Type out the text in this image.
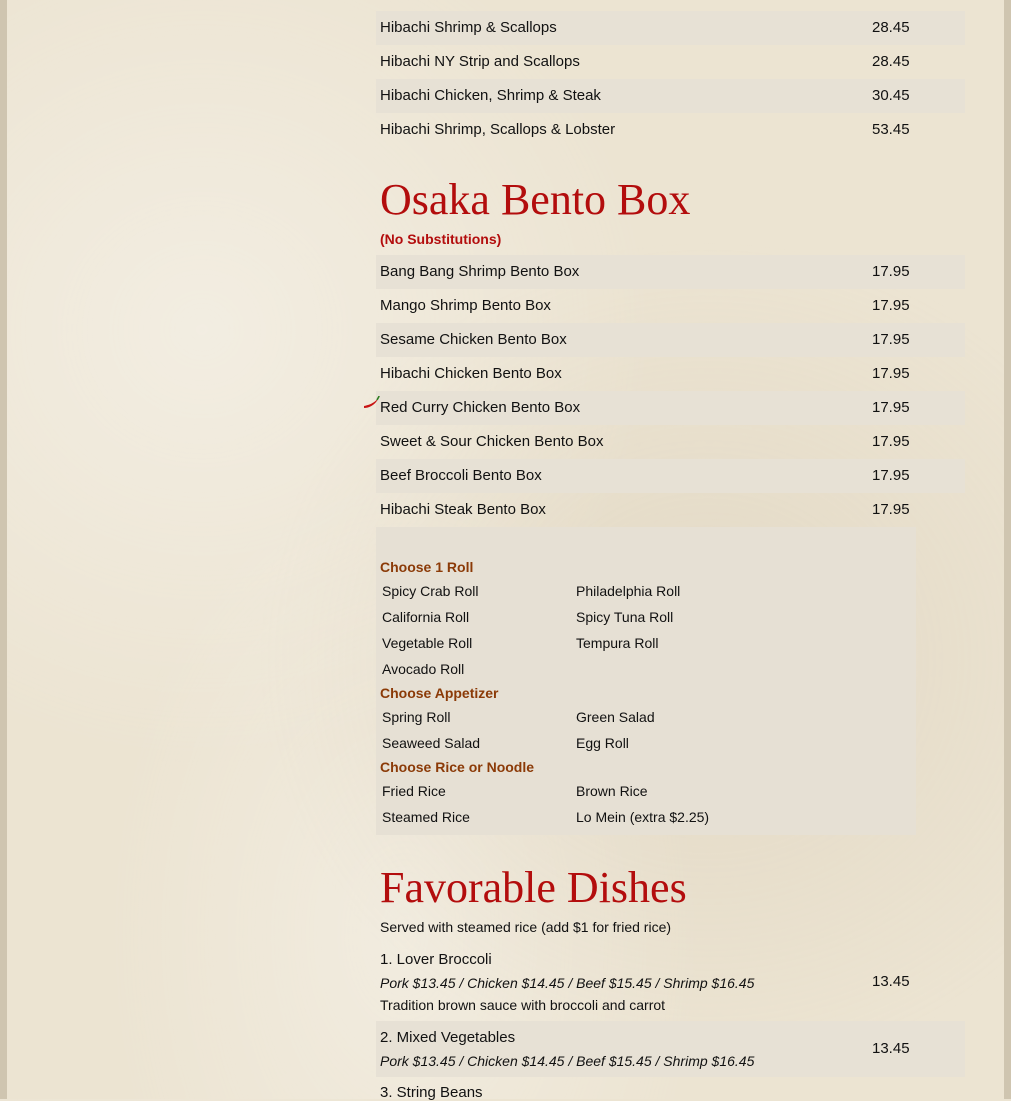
Hibachi Shrimp & Scallops	28.45
Hibachi NY Strip and Scallops	28.45
Hibachi Chicken, Shrimp & Steak	30.45
Hibachi Shrimp, Scallops & Lobster	53.45
Osaka Bento Box
(No Substitutions)
Bang Bang Shrimp Bento Box	17.95
Mango Shrimp Bento Box	17.95
Sesame Chicken Bento Box	17.95
Hibachi Chicken Bento Box	17.95
Red Curry Chicken Bento Box	17.95
Sweet & Sour Chicken Bento Box	17.95
Beef Broccoli Bento Box	17.95
Hibachi Steak Bento Box	17.95
Choose 1 Roll
Spicy Crab Roll	Philadelphia Roll
California Roll	Spicy Tuna Roll
Vegetable Roll	Tempura Roll
Avocado Roll
Choose Appetizer
Spring Roll	Green Salad
Seaweed Salad	Egg Roll
Choose Rice or Noodle
Fried Rice	Brown Rice
Steamed Rice	Lo Mein (extra $2.25)
Favorable Dishes
Served with steamed rice (add $1 for fried rice)
1. Lover Broccoli
Pork $13.45 / Chicken $14.45 / Beef $15.45 / Shrimp $16.45
Tradition brown sauce with broccoli and carrot
13.45
2. Mixed Vegetables
Pork $13.45 / Chicken $14.45 / Beef $15.45 / Shrimp $16.45
13.45
3. String Beans
